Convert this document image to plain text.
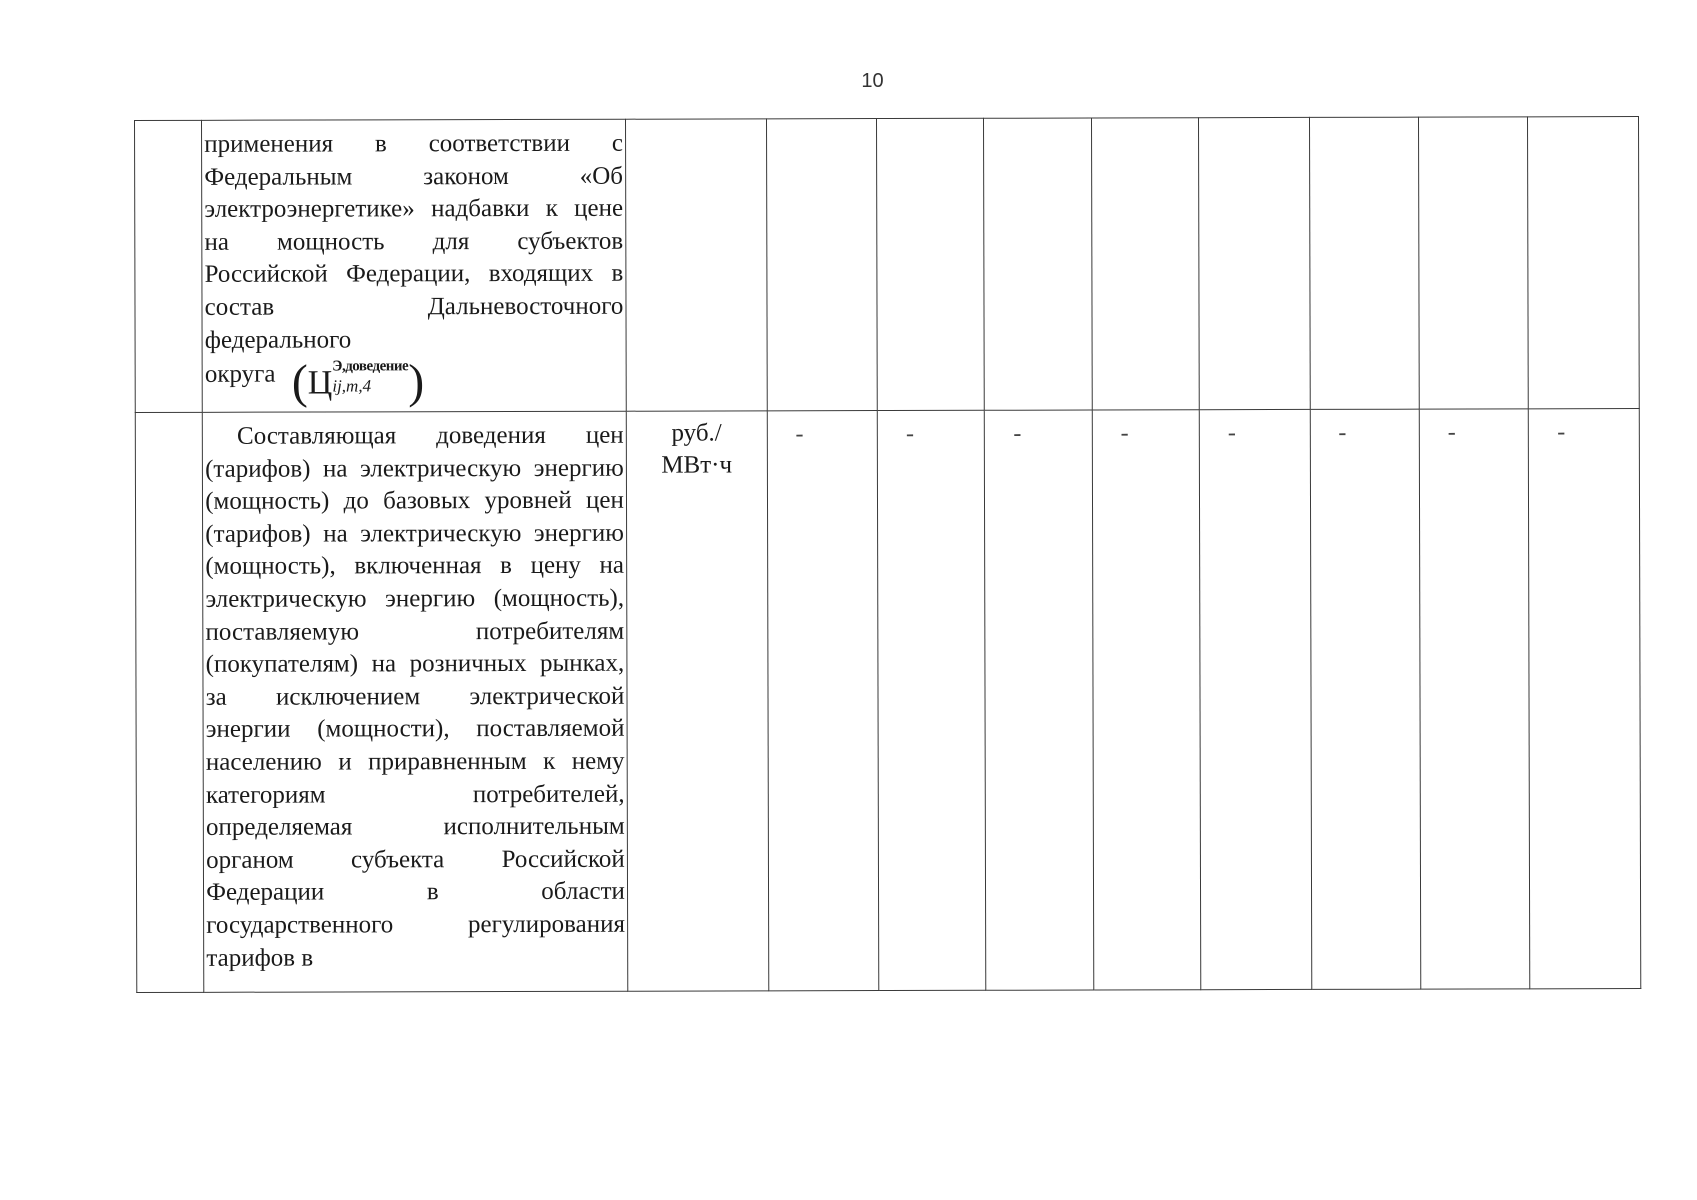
10

	применения в соответствии с Федеральным законом «Об электроэнергетике» надбавки к цене на мощность для субъектов Российской Федерации, входящих в состав Дальневосточного федерального
округа (Ц Э,доведение
ij,m,4 )									

	Составляющая доведения цен (тарифов) на электрическую энергию (мощность) до базовых уровней цен (тарифов) на электрическую энергию (мощность), включенная в цену на электрическую энергию (мощность), поставляемую потребителям (покупателям) на розничных рынках, за исключением электрической энергии (мощности), поставляемой населению и приравненным к нему категориям потребителей, определяемая исполнительным органом субъекта Российской Федерации в области государственного регулирования тарифов в	руб./
МВт·ч	-	-	-	-	-	-	-	-
